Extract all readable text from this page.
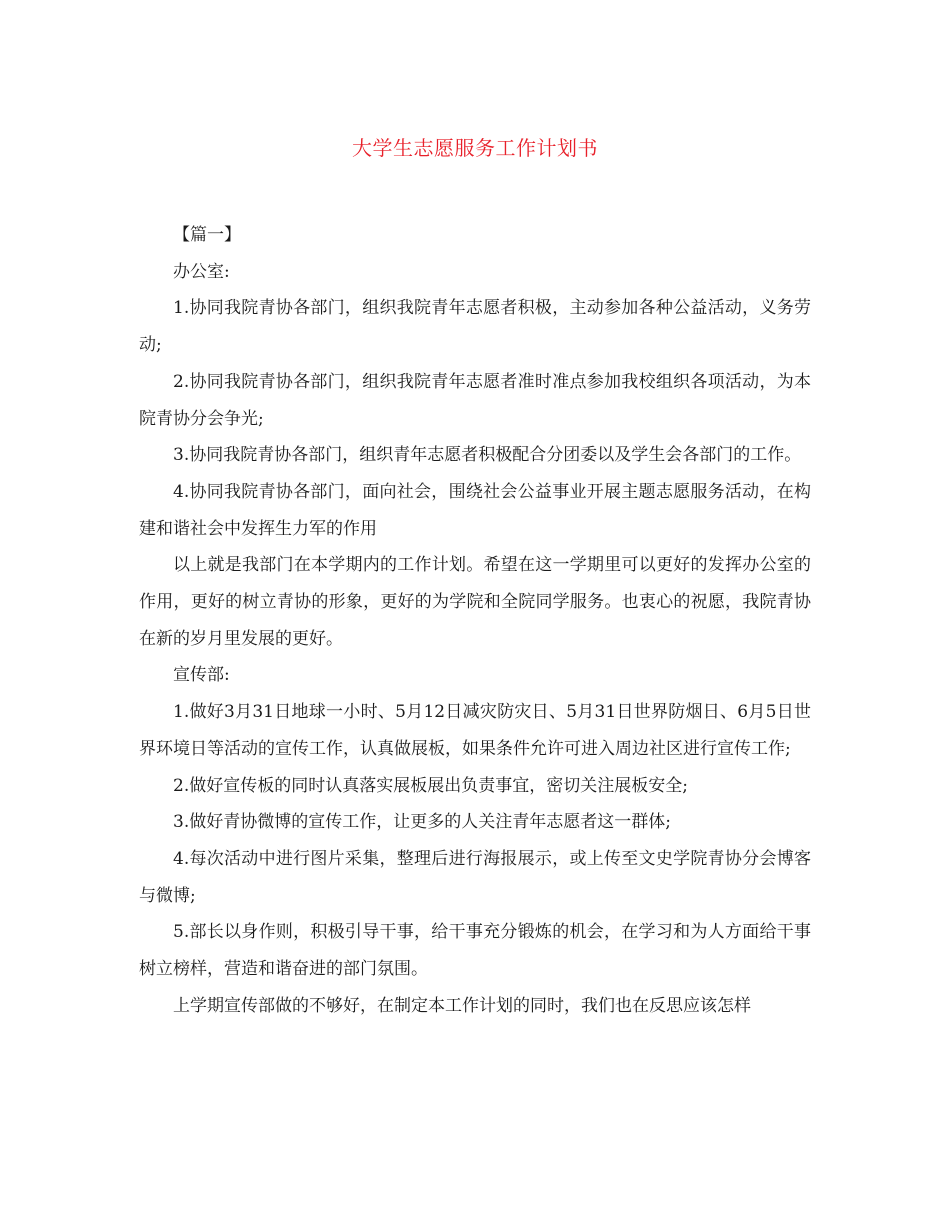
大学生志愿服务工作计划书

【篇一】

办公室:

1.协同我院青协各部门，组织我院青年志愿者积极，主动参加各种公益活动，义务劳动;

2.协同我院青协各部门，组织我院青年志愿者准时准点参加我校组织各项活动，为本院青协分会争光;

3.协同我院青协各部门，组织青年志愿者积极配合分团委以及学生会各部门的工作。

4.协同我院青协各部门，面向社会，围绕社会公益事业开展主题志愿服务活动，在构建和谐社会中发挥生力军的作用

以上就是我部门在本学期内的工作计划。希望在这一学期里可以更好的发挥办公室的作用，更好的树立青协的形象，更好的为学院和全院同学服务。也衷心的祝愿，我院青协在新的岁月里发展的更好。

宣传部:

1.做好3月31日地球一小时、5月12日减灾防灾日、5月31日世界防烟日、6月5日世界环境日等活动的宣传工作，认真做展板，如果条件允许可进入周边社区进行宣传工作;

2.做好宣传板的同时认真落实展板展出负责事宜，密切关注展板安全;

3.做好青协微博的宣传工作，让更多的人关注青年志愿者这一群体;

4.每次活动中进行图片采集，整理后进行海报展示，或上传至文史学院青协分会博客与微博;

5.部长以身作则，积极引导干事，给干事充分锻炼的机会，在学习和为人方面给干事树立榜样，营造和谐奋进的部门氛围。

上学期宣传部做的不够好，在制定本工作计划的同时，我们也在反思应该怎样
